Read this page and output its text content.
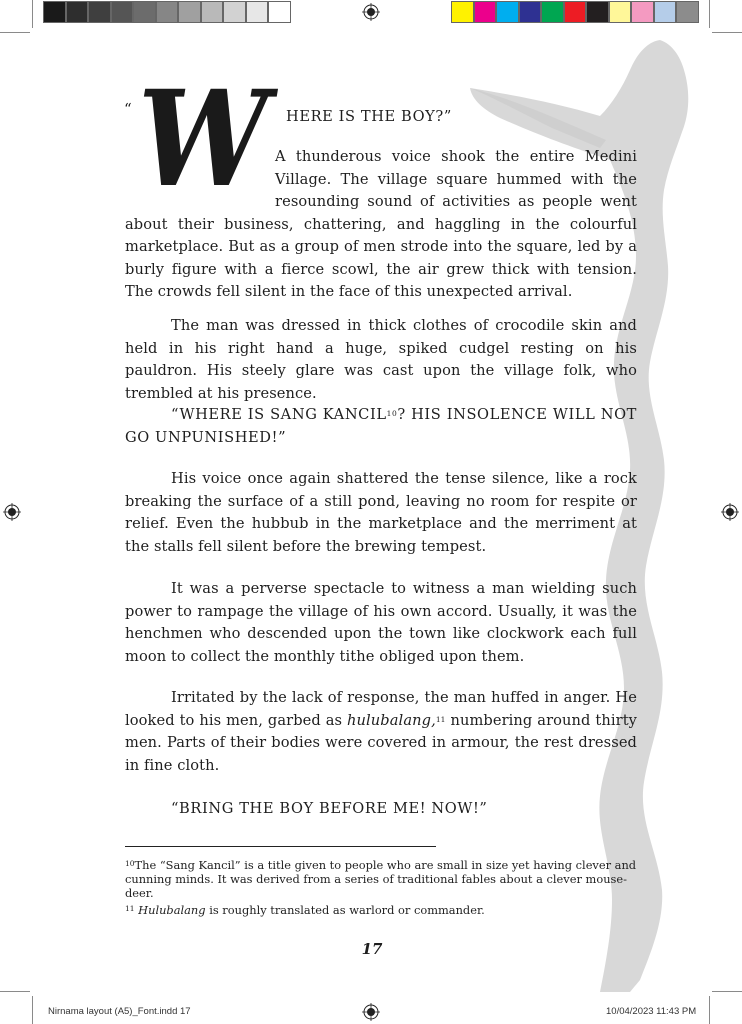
“ W HERE IS THE BOY?”

A thunderous voice shook the entire Medini Village. The village square hummed with the resounding sound of activities as people went about their business, chattering, and haggling in the colourful marketplace. But as a group of men strode into the square, led by a burly figure with a fierce scowl, the air grew thick with tension. The crowds fell silent in the face of this unexpected arrival.

The man was dressed in thick clothes of crocodile skin and held in his right hand a huge, spiked cudgel resting on his pauldron. His steely glare was cast upon the village folk, who trembled at his presence.

“WHERE IS SANG KANCIL$^{10}$? HIS INSOLENCE WILL NOT GO UNPUNISHED!”

His voice once again shattered the tense silence, like a rock breaking the surface of a still pond, leaving no room for respite or relief. Even the hubbub in the marketplace and the merriment at the stalls fell silent before the brewing tempest.

It was a perverse spectacle to witness a man wielding such power to rampage the village of his own accord. Usually, it was the henchmen who descended upon the town like clockwork each full moon to collect the monthly tithe obliged upon them.

Irritated by the lack of response, the man huffed in anger. He looked to his men, garbed as hulubalang,$^{11}$ numbering around thirty men. Parts of their bodies were covered in armour, the rest dressed in fine cloth.

“BRING THE BOY BEFORE ME! NOW!”

$^{10}$The “Sang Kancil” is a title given to people who are small in size yet having clever and cunning minds. It was derived from a series of traditional fables about a clever mouse-deer.

$^{11}$ Hulubalang is roughly translated as warlord or commander.

17
Nirnama layout (A5)_Font.indd 17	10/04/2023 11:43 PM
